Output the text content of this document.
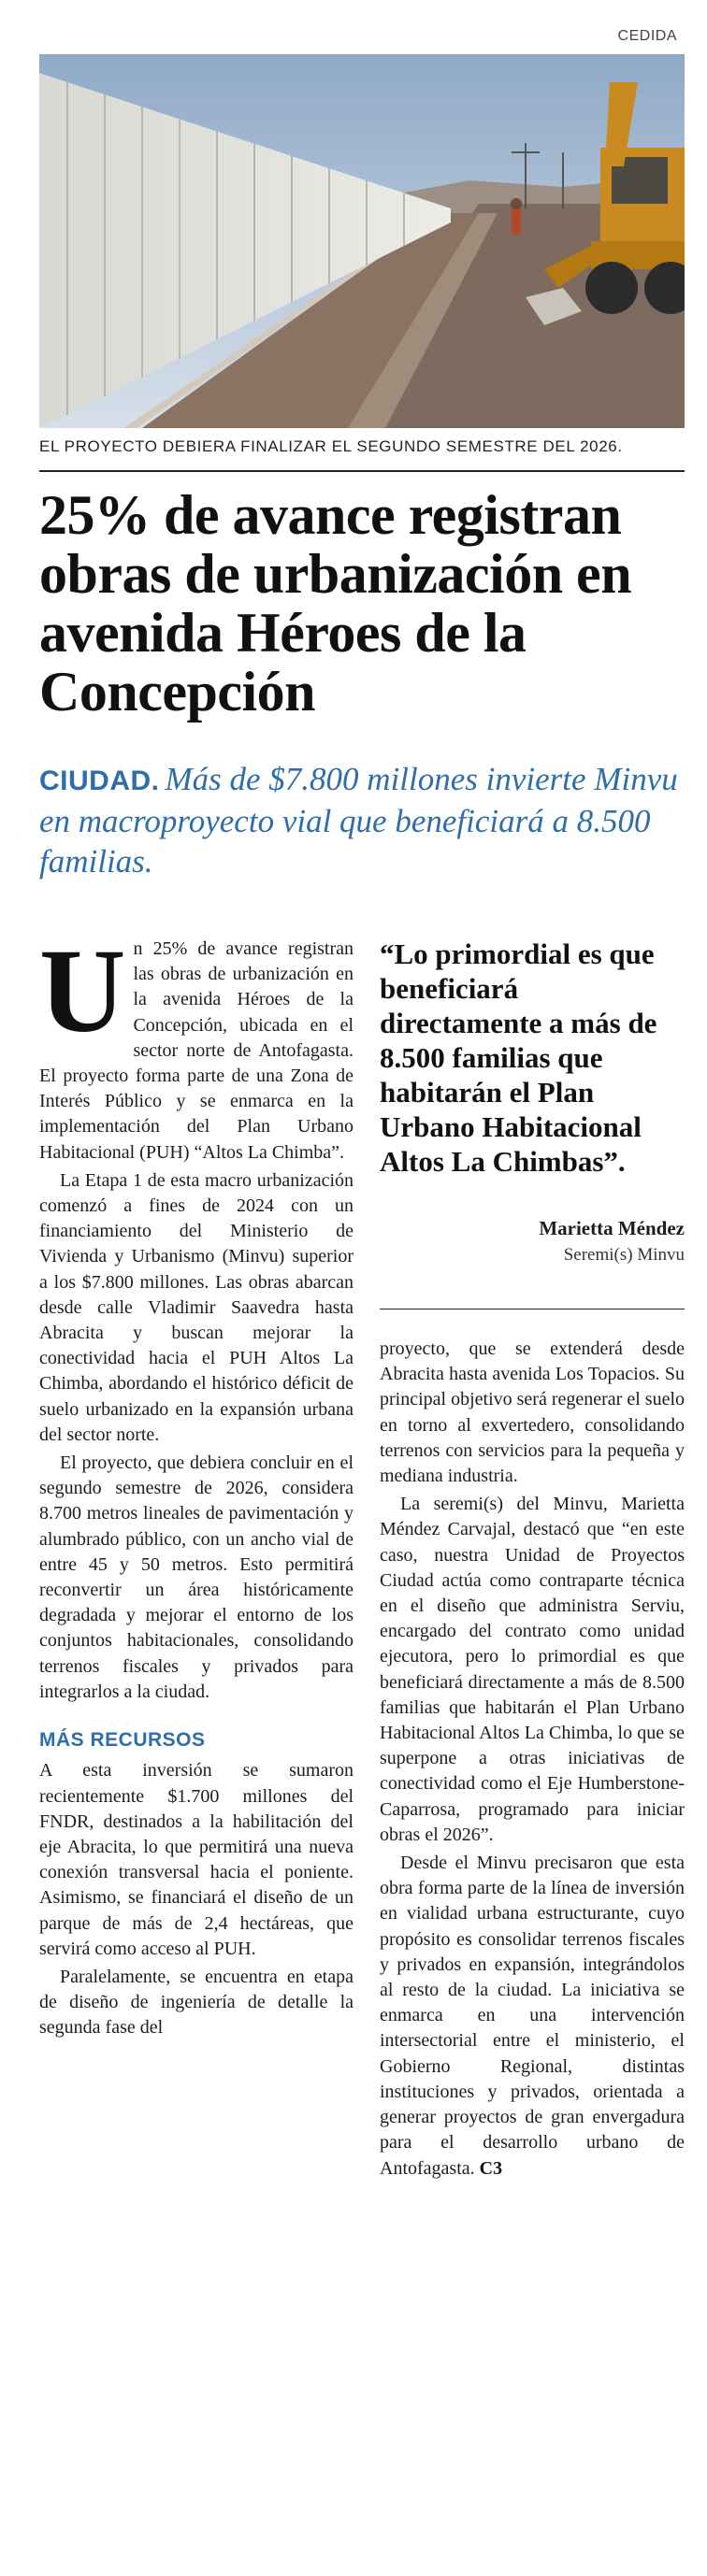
CEDIDA
EL PROYECTO DEBIERA FINALIZAR EL SEGUNDO SEMESTRE DEL 2026.
25% de avance registran obras de urbanización en avenida Héroes de la Concepción

CIUDAD. Más de $7.800 millones invierte Minvu en macroproyecto vial que beneficiará a 8.500 familias.

Un 25% de avance registran las obras de urbanización en la avenida Héroes de la Concepción, ubicada en el sector norte de Antofagasta. El proyecto forma parte de una Zona de Interés Público y se enmarca en la implementación del Plan Urbano Habitacional (PUH) “Altos La Chimba”.

La Etapa 1 de esta macro urbanización comenzó a fines de 2024 con un financiamiento del Ministerio de Vivienda y Urbanismo (Minvu) superior a los $7.800 millones. Las obras abarcan desde calle Vladimir Saavedra hasta Abracita y buscan mejorar la conectividad hacia el PUH Altos La Chimba, abordando el histórico déficit de suelo urbanizado en la expansión urbana del sector norte.

El proyecto, que debiera concluir en el segundo semestre de 2026, considera 8.700 metros lineales de pavimentación y alumbrado público, con un ancho vial de entre 45 y 50 metros. Esto permitirá reconvertir un área históricamente degradada y mejorar el entorno de los conjuntos habitacionales, consolidando terrenos fiscales y privados para integrarlos a la ciudad.

MÁS RECURSOS

A esta inversión se sumaron recientemente $1.700 millones del FNDR, destinados a la habilitación del eje Abracita, lo que permitirá una nueva conexión transversal hacia el poniente. Asimismo, se financiará el diseño de un parque de más de 2,4 hectáreas, que servirá como acceso al PUH.

Paralelamente, se encuentra en etapa de diseño de ingeniería de detalle la segunda fase del

“Lo primordial es que beneficiará directamente a más de 8.500 familias que habitarán el Plan Urbano Habitacional Altos La Chimbas”.

Marietta Méndez
Seremi(s) Minvu

proyecto, que se extenderá desde Abracita hasta avenida Los Topacios. Su principal objetivo será regenerar el suelo en torno al exvertedero, consolidando terrenos con servicios para la pequeña y mediana industria.

La seremi(s) del Minvu, Marietta Méndez Carvajal, destacó que “en este caso, nuestra Unidad de Proyectos Ciudad actúa como contraparte técnica en el diseño que administra Serviu, encargado del contrato como unidad ejecutora, pero lo primordial es que beneficiará directamente a más de 8.500 familias que habitarán el Plan Urbano Habitacional Altos La Chimba, lo que se superpone a otras iniciativas de conectividad como el Eje Humberstone-Caparrosa, programado para iniciar obras el 2026”.

Desde el Minvu precisaron que esta obra forma parte de la línea de inversión en vialidad urbana estructurante, cuyo propósito es consolidar terrenos fiscales y privados en expansión, integrándolos al resto de la ciudad. La iniciativa se enmarca en una intervención intersectorial entre el ministerio, el Gobierno Regional, distintas instituciones y privados, orientada a generar proyectos de gran envergadura para el desarrollo urbano de Antofagasta. C3
